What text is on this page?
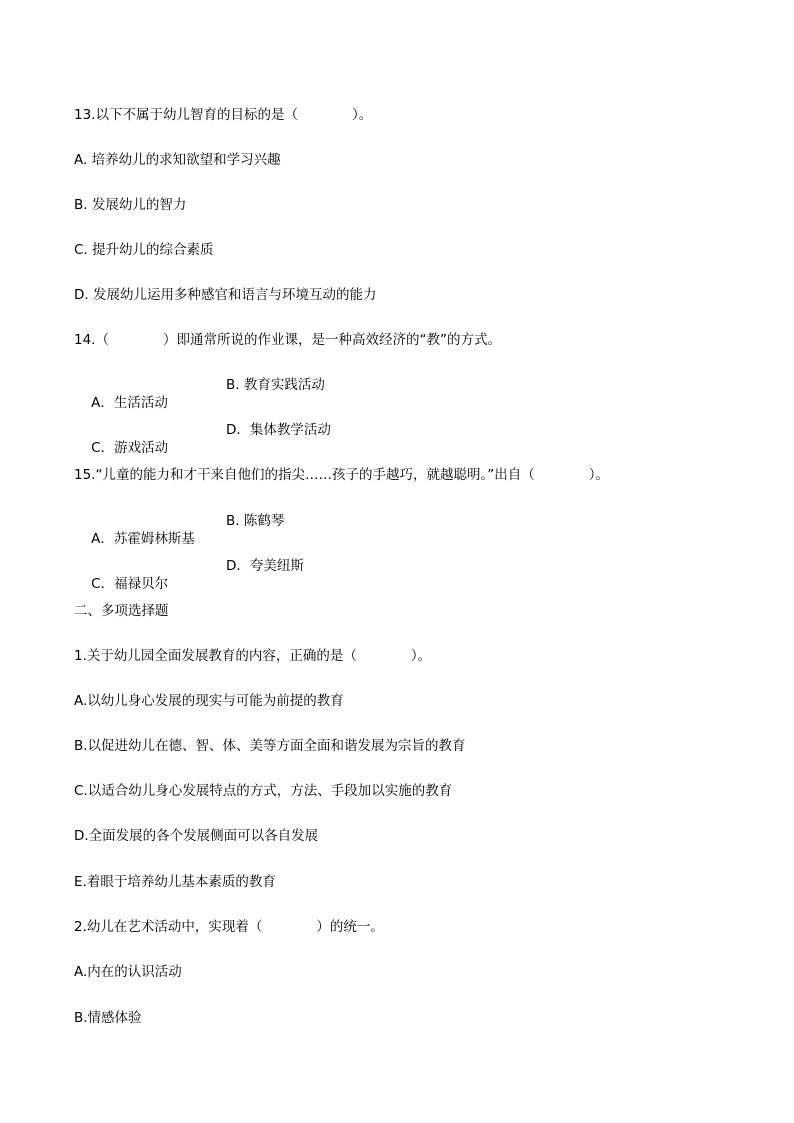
13.以下不属于幼儿智育的目标的是（　　　　）。
A. 培养幼儿的求知欲望和学习兴趣
B. 发展幼儿的智力
C. 提升幼儿的综合素质
D. 发展幼儿运用多种感官和语言与环境互动的能力
14.（　　　　）即通常所说的作业课，是一种高效经济的“教”的方式。

A．生活活动

B. 教育实践活动

C．游戏活动

D．集体教学活动

15.“儿童的能力和才干来自他们的指尖……孩子的手越巧，就越聪明。”出自（　　　　）。

A．苏霍姆林斯基

B. 陈鹤琴

C．福禄贝尔

D．夸美纽斯

二、多项选择题
1.关于幼儿园全面发展教育的内容，正确的是（　　　　）。
A.以幼儿身心发展的现实与可能为前提的教育
B.以促进幼儿在德、智、体、美等方面全面和谐发展为宗旨的教育
C.以适合幼儿身心发展特点的方式，方法、手段加以实施的教育
D.全面发展的各个发展侧面可以各自发展
E.着眼于培养幼儿基本素质的教育
2.幼儿在艺术活动中，实现着（　　　　）的统一。
A.内在的认识活动
B.情感体验
